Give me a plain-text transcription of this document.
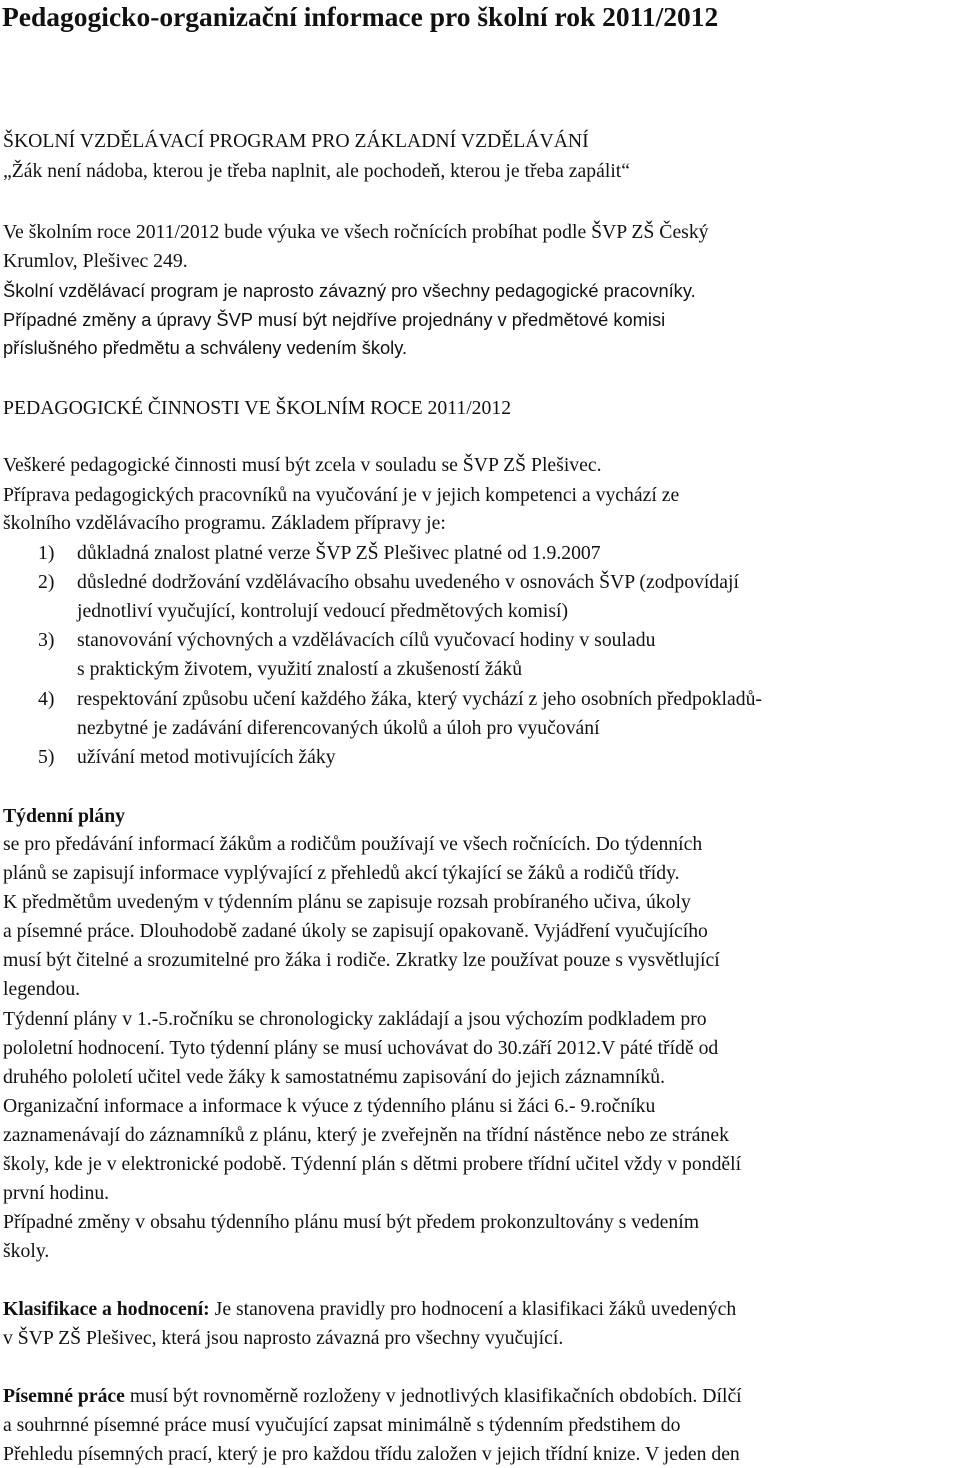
Pedagogicko-organizační informace pro školní rok 2011/2012
ŠKOLNÍ VZDĚLÁVACÍ PROGRAM PRO ZÁKLADNÍ VZDĚLÁVÁNÍ
„Žák není nádoba, kterou je třeba naplnit, ale pochodeň, kterou je třeba zapálit“
Ve školním roce 2011/2012 bude výuka ve všech ročnících probíhat podle ŠVP ZŠ Český
Krumlov, Plešivec 249.
Školní vzdělávací program je naprosto závazný pro všechny pedagogické pracovníky.
Případné změny a úpravy ŠVP musí být nejdříve projednány v předmětové komisi
příslušného předmětu a schváleny vedením školy.
PEDAGOGICKÉ ČINNOSTI VE ŠKOLNÍM ROCE 2011/2012
Veškeré pedagogické činnosti musí být zcela v souladu se ŠVP ZŠ Plešivec.
Příprava pedagogických pracovníků na vyučování je v jejich kompetenci a vychází ze
školního vzdělávacího programu. Základem přípravy je:
1) důkladná znalost platné verze ŠVP ZŠ Plešivec platné od 1.9.2007
2) důsledné dodržování vzdělávacího obsahu uvedeného v osnovách ŠVP (zodpovídají
jednotliví vyučující, kontrolují vedoucí předmětových komisí)
3) stanovování výchovných a vzdělávacích cílů vyučovací hodiny v souladu
s praktickým životem, využití znalostí a zkušeností žáků
4) respektování způsobu učení každého žáka, který vychází z jeho osobních předpokladů-
nezbytné je zadávání diferencovaných úkolů a úloh pro vyučování
5) užívání metod motivujících žáky
Týdenní plány
se pro předávání informací žákům a rodičům používají ve všech ročnících. Do týdenních
plánů se zapisují informace vyplývající z přehledů akcí týkající se žáků a rodičů třídy.
K předmětům uvedeným v týdenním plánu se zapisuje rozsah probíraného učiva, úkoly
a písemné práce. Dlouhodobě zadané úkoly se zapisují opakovaně. Vyjádření vyučujícího
musí být čitelné a srozumitelné pro žáka i rodiče. Zkratky lze používat pouze s vysvětlující
legendou.
Týdenní plány v 1.-5.ročníku se chronologicky zakládají a jsou výchozím podkladem pro
pololetní hodnocení. Tyto týdenní plány se musí uchovávat do 30.září 2012.V páté třídě od
druhého pololetí učitel vede žáky k samostatnému zapisování do jejich záznamníků.
Organizační informace a informace k výuce z týdenního plánu si žáci 6.- 9.ročníku
zaznamenávají do záznamníků z plánu, který je zveřejněn na třídní nástěnce nebo ze stránek
školy, kde je v elektronické podobě. Týdenní plán s dětmi probere třídní učitel vždy v pondělí
první hodinu.
Případné změny v obsahu týdenního plánu musí být předem prokonzultovány s vedením
školy.
Klasifikace a hodnocení: Je stanovena pravidly pro hodnocení a klasifikaci žáků uvedených
v ŠVP ZŠ Plešivec, která jsou naprosto závazná pro všechny vyučující.
Písemné práce musí být rovnoměrně rozloženy v jednotlivých klasifikačních obdobích. Dílčí
a souhrnné písemné práce musí vyučující zapsat minimálně s týdenním předstihem do
Přehledu písemných prací, který je pro každou třídu založen v jejich třídní knize. V jeden den
